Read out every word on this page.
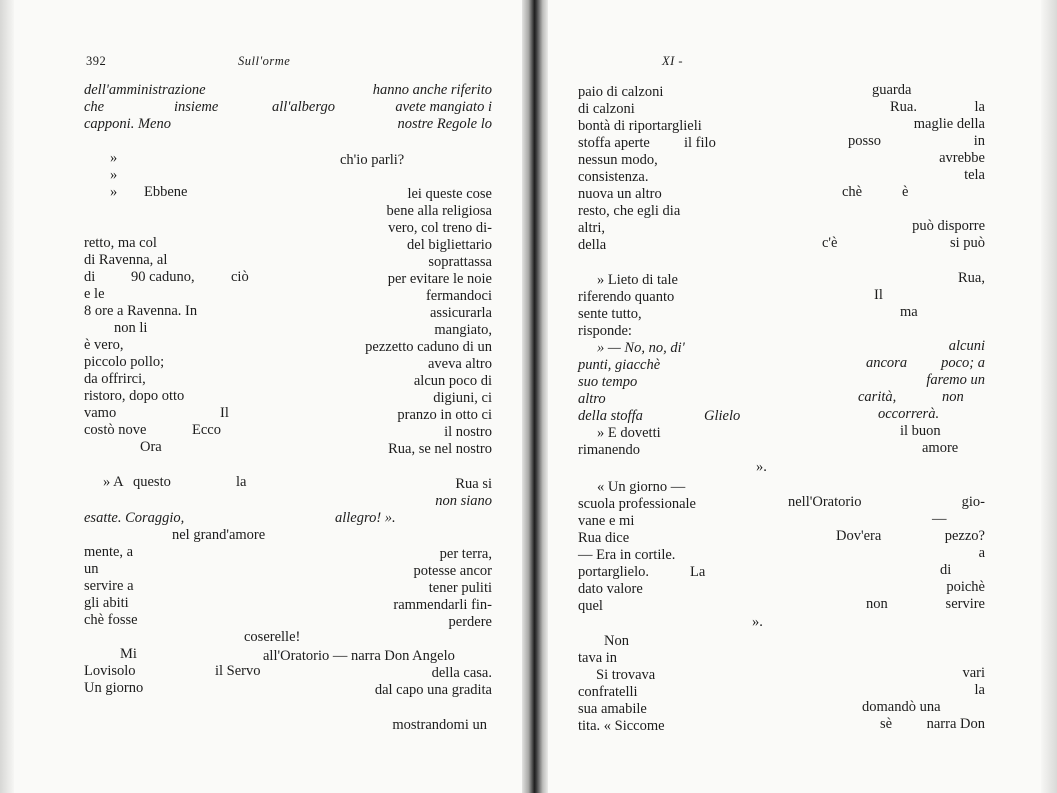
392	Sull'orme
dell'amministrazione
che	insieme
capponi. Meno
hanno anche riferito
all'albergo	avete mangiato i
nostre Regole lo
»
»
» Ebbene
ch'io parli?
lei queste cose
bene alla religiosa
vero, col treno di-
del bigliettario
soprattassa
per evitare le noie
fermandoci
assicurarla
mangiato,
pezzetto caduno di un
aveva altro
alcun poco di
digiuni, ci
pranzo in otto ci
il nostro
Rua, se nel nostro
retto, ma col
di Ravenna, al
di 90 caduno,	ciò
e le
8 ore a Ravenna. In
non li
è vero,
piccolo pollo;
da offrirci,
ristoro, dopo otto
vamo	Il
costò nove	Ecco
Ora
» A questo	la	Rua si
non siano
esatte. Coraggio,	allegro! ».
nel grand'amore
mente, a
un
servire a
gli abiti
chè fosse
per terra,
potesse ancor
tener puliti
rammendarli fin-
perdere
coserelle!
Mi	all'Oratorio — narra Don Angelo
Lovisolo	il Servo	della casa.
Un giorno	dal capo una gradita
mostrandomi un
XI -
paio di calzoni	guarda
di calzoni	Rua.	la
bontà di riportarglieli	maglie della
stoffa aperte il filo	posso	in
nessun modo,	avrebbe
consistenza.	tela
nuova un altro	chè	è
resto, che egli dia
altri,	può disporre
della	c'è	si può
» Lieto di tale	Rua,
riferendo quanto	Il
sente tutto,	ma
risponde:
» — No, no, di'	alcuni
punti, giacchè	ancora poco; a
suo tempo	faremo un
altro	carità,	non
della stoffa	Glielo	occorrerà.
» E dovetti	il buon
rimanendo	amore
».
« Un giorno —
scuola professionale	nell'Oratorio	gio-
vane e mi	—
Rua dice	Dov'era	pezzo?
— Era in cortile.	a
portarglielo.	La	di
dato valore	poichè
quel	non	servire
».
Non
tava in
Si trovava	vari
confratelli	la
sua amabile	domandò una
tita. « Siccome	sè narra Don
